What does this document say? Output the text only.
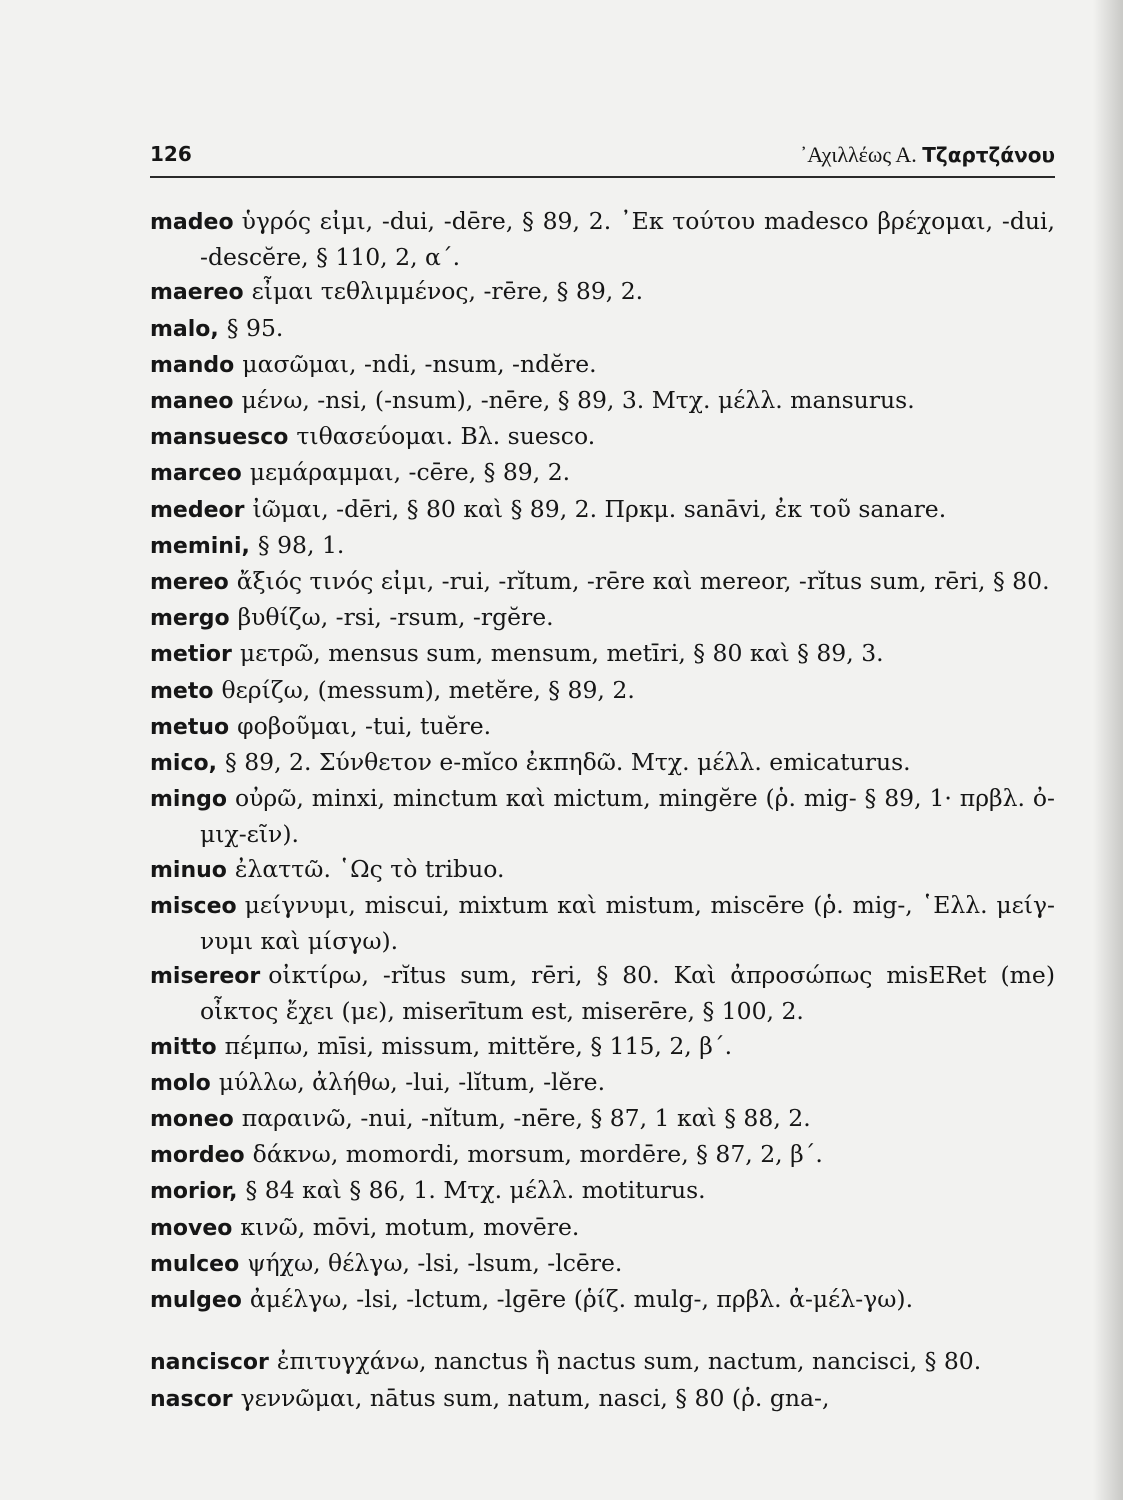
126	᾿Αχιλλέως Α. Τζαρτζάνου
madeo ὑγρός εἰμι, -dui, -dēre, § 89, 2. ᾿Εκ τούτου madesco βρέχομαι, -dui, -descĕre, § 110, 2, α΄.
maereo εἶμαι τεθλιμμένος, -rēre, § 89, 2.
malo, § 95.
mando μασῶμαι, -ndi, -nsum, -ndĕre.
maneo μένω, -nsi, (-nsum), -nēre, § 89, 3. Μτχ. μέλλ. mansurus.
mansuesco τιθασεύομαι. Βλ. suesco.
marceo μεμάραμμαι, -cēre, § 89, 2.
medeor ἰῶμαι, -dēri, § 80 καὶ § 89, 2. Πρκμ. sanāvi, ἐκ τοῦ sanare.
memini, § 98, 1.
mereo ἄξιός τινός εἰμι, -rui, -rĭtum, -rēre καὶ mereor, -rĭtus sum, rēri, § 80.
mergo βυθίζω, -rsi, -rsum, -rgĕre.
metior μετρῶ, mensus sum, mensum, metīri, § 80 καὶ § 89, 3.
meto θερίζω, (messum), metĕre, § 89, 2.
metuo φοβοῦμαι, -tui, tuĕre.
mico, § 89, 2. Σύνθετον e-mĭco ἐκπηδῶ. Μτχ. μέλλ. emicaturus.
mingo οὐρῶ, minxi, minctum καὶ mictum, mingĕre (ῥ. mig- § 89, 1· πρβλ. ὀ-μιχ-εῖν).
minuo ἐλαττῶ. ῾Ως τὸ tribuo.
misceo μείγνυμι, miscui, mixtum καὶ mistum, miscēre (ῥ. mig-, ῾Ελλ. μείγ-νυμι καὶ μίσγω).
misereor οἰκτίρω, -rĭtus sum, rēri, § 80. Καὶ ἀπροσώπως misERet (me) οἶκτος ἔχει (με), miserītum est, miserēre, § 100, 2.
mitto πέμπω, mīsi, missum, mittĕre, § 115, 2, β΄.
molo μύλλω, ἀλήθω, -lui, -lĭtum, -lĕre.
moneo παραινῶ, -nui, -nĭtum, -nēre, § 87, 1 καὶ § 88, 2.
mordeo δάκνω, momordi, morsum, mordēre, § 87, 2, β΄.
morior, § 84 καὶ § 86, 1. Μτχ. μέλλ. motiturus.
moveo κινῶ, mōvi, motum, movēre.
mulceo ψήχω, θέλγω, -lsi, -lsum, -lcēre.
mulgeo ἀμέλγω, -lsi, -lctum, -lgēre (ῥίζ. mulg-, πρβλ. ἀ-μέλ-γω).
nanciscor ἐπιτυγχάνω, nanctus ἢ nactus sum, nactum, nancisci, § 80.
nascor γεννῶμαι, nātus sum, natum, nasci, § 80 (ῥ. gna-,
